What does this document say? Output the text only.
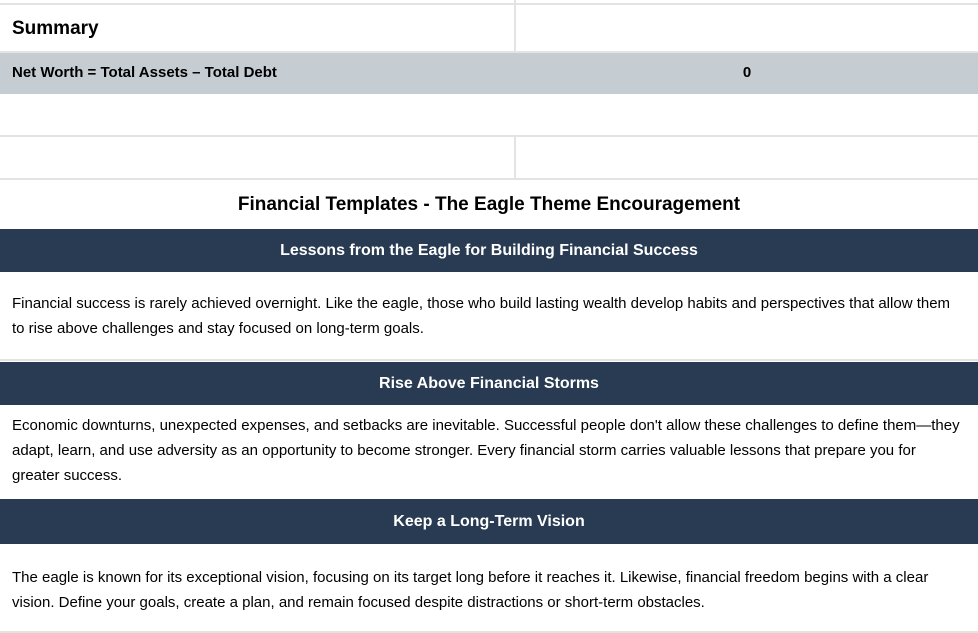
Summary
Net Worth = Total Assets – Total Debt	0
Financial Templates - The Eagle Theme Encouragement
Lessons from the Eagle for Building Financial Success
Financial success is rarely achieved overnight. Like the eagle, those who build lasting wealth develop habits and perspectives that allow them to rise above challenges and stay focused on long-term goals.
Rise Above Financial Storms
Economic downturns, unexpected expenses, and setbacks are inevitable. Successful people don't allow these challenges to define them—they adapt, learn, and use adversity as an opportunity to become stronger. Every financial storm carries valuable lessons that prepare you for greater success.
Keep a Long-Term Vision
The eagle is known for its exceptional vision, focusing on its target long before it reaches it. Likewise, financial freedom begins with a clear vision. Define your goals, create a plan, and remain focused despite distractions or short-term obstacles.
